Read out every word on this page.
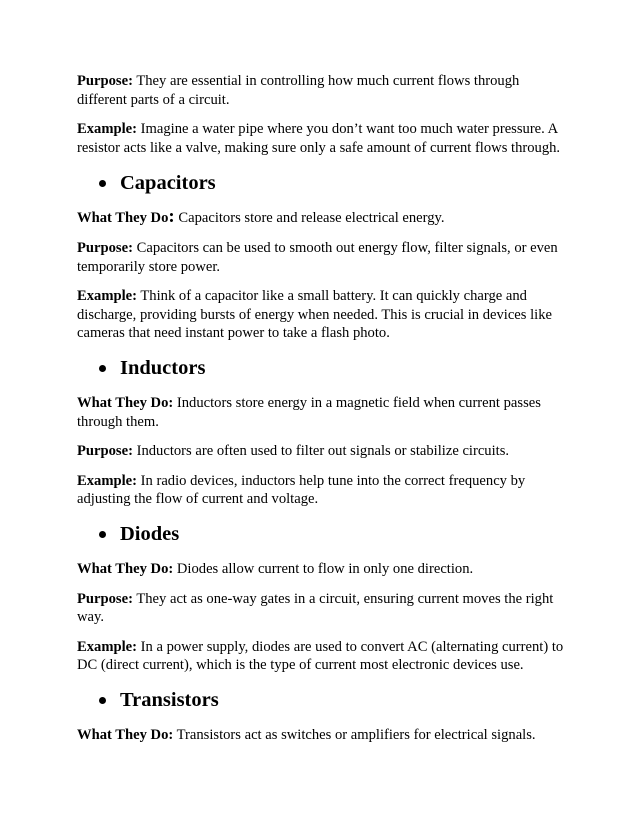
Purpose: They are essential in controlling how much current flows through different parts of a circuit.

Example: Imagine a water pipe where you don’t want too much water pressure. A resistor acts like a valve, making sure only a safe amount of current flows through.

Capacitors

What They Do: Capacitors store and release electrical energy.

Purpose: Capacitors can be used to smooth out energy flow, filter signals, or even temporarily store power.

Example: Think of a capacitor like a small battery. It can quickly charge and discharge, providing bursts of energy when needed. This is crucial in devices like cameras that need instant power to take a flash photo.

Inductors

What They Do: Inductors store energy in a magnetic field when current passes through them.

Purpose: Inductors are often used to filter out signals or stabilize circuits.

Example: In radio devices, inductors help tune into the correct frequency by adjusting the flow of current and voltage.

Diodes

What They Do: Diodes allow current to flow in only one direction.

Purpose: They act as one-way gates in a circuit, ensuring current moves the right way.

Example: In a power supply, diodes are used to convert AC (alternating current) to DC (direct current), which is the type of current most electronic devices use.

Transistors

What They Do: Transistors act as switches or amplifiers for electrical signals.
